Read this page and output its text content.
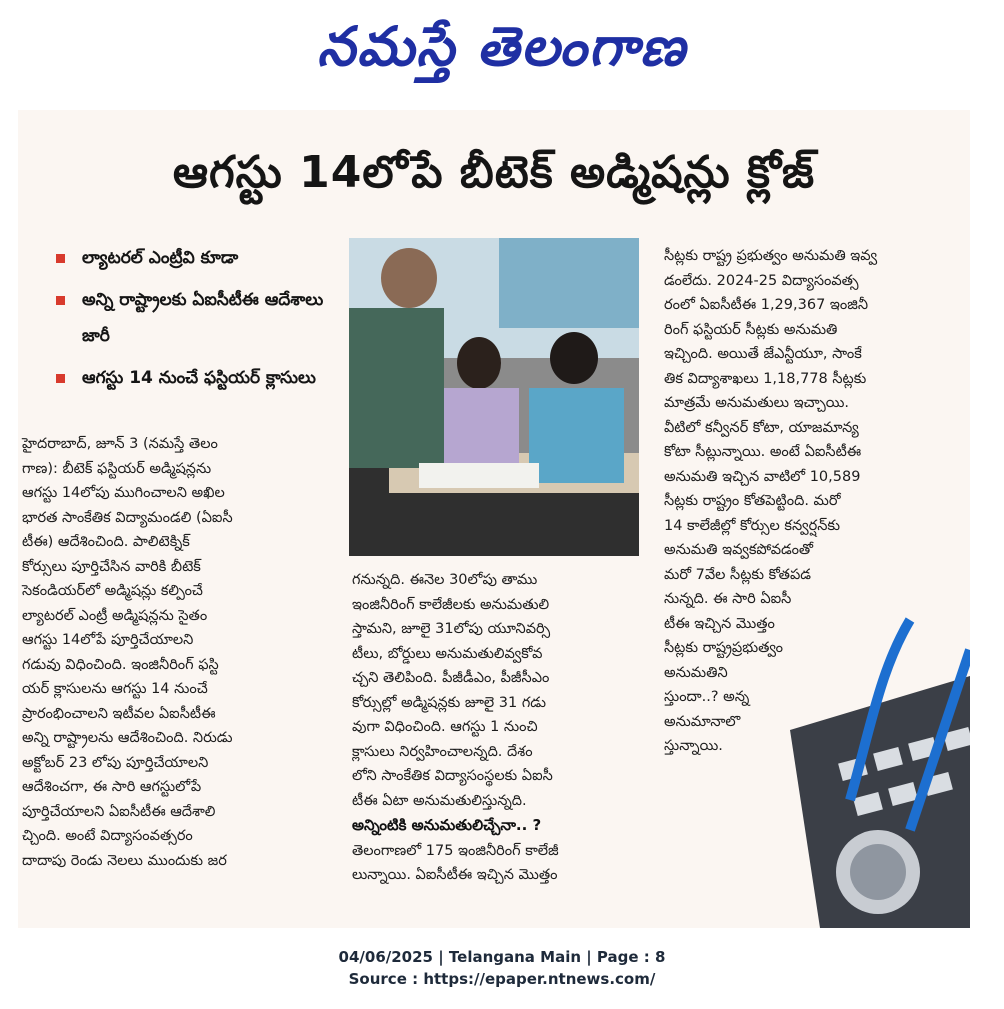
నమస్తే తెలంగాణ
ఆగస్టు 14లోపే బీటెక్ అడ్మిషన్లు క్లోజ్
ల్యాటరల్ ఎంట్రీవి కూడా
అన్ని రాష్ట్రాలకు ఏఐసీటీఈ ఆదేశాలు జారీ
ఆగస్టు 14 నుంచే ఫస్టియర్ క్లాసులు
హైదరాబాద్, జూన్ 3 (నమస్తే తెలం
గాణ): బీటెక్ ఫస్టియర్ అడ్మిషన్లను
ఆగస్టు 14లోపు ముగించాలని అఖిల
భారత సాంకేతిక విద్యామండలి (ఏఐసీ
టీఈ) ఆదేశించింది. పాలిటెక్నిక్
కోర్సులు పూర్తిచేసిన వారికి బీటెక్
సెకండియర్‌లో అడ్మిషన్లు కల్పించే
ల్యాటరల్ ఎంట్రీ అడ్మిషన్లను సైతం
ఆగస్టు 14లోపే పూర్తిచేయాలని
గడువు విధించింది. ఇంజినీరింగ్ ఫస్టి
యర్ క్లాసులను ఆగస్టు 14 నుంచే
ప్రారంభించాలని ఇటీవల ఏఐసీటీఈ
అన్ని రాష్ట్రాలను ఆదేశించింది. నిరుడు
అక్టోబర్ 23 లోపు పూర్తిచేయాలని
ఆదేశించగా, ఈ సారి ఆగస్టులోపే
పూర్తిచేయాలని ఏఐసీటీఈ ఆదేశాలి
చ్చింది. అంటే విద్యాసంవత్సరం
దాదాపు రెండు నెలలు ముందుకు జర
గనున్నది. ఈనెల 30లోపు తాము
ఇంజినీరింగ్ కాలేజీలకు అనుమతులి
స్తామని, జూలై 31లోపు యూనివర్సి
టీలు, బోర్డులు అనుమతులివ్వకోవ
చ్చని తెలిపింది. పీజీడీఎం, పీజీసీఎం
కోర్సుల్లో అడ్మిషన్లకు జూలై 31 గడు
వుగా విధించింది. ఆగస్టు 1 నుంచి
క్లాసులు నిర్వహించాలన్నది. దేశం
లోని సాంకేతిక విద్యాసంస్థలకు ఏఐసీ
టీఈ ఏటా అనుమతులిస్తున్నది.
అన్నింటికి అనుమతులిచ్చేనా.. ?
తెలంగాణలో 175 ఇంజినీరింగ్ కాలేజీ
లున్నాయి. ఏఐసీటీఈ ఇచ్చిన మొత్తం
సీట్లకు రాష్ట్ర ప్రభుత్వం అనుమతి ఇవ్వ
డంలేదు. 2024-25 విద్యాసంవత్స
రంలో ఏఐసీటీఈ 1,29,367 ఇంజినీ
రింగ్ ఫస్టియర్ సీట్లకు అనుమతి
ఇచ్చింది. అయితే జేఎన్టీయూ, సాంకే
తిక విద్యాశాఖలు 1,18,778 సీట్లకు
మాత్రమే అనుమతులు ఇచ్చాయి.
వీటిలో కన్వీనర్ కోటా, యాజమాన్య
కోటా సీట్లున్నాయి. అంటే ఏఐసీటీఈ
అనుమతి ఇచ్చిన వాటిలో 10,589
సీట్లకు రాష్ట్రం కోతపెట్టింది. మరో
14 కాలేజీల్లో కోర్సుల కన్వర్షన్‌కు
అనుమతి ఇవ్వకపోవడంతో
మరో 7వేల సీట్లకు కోతపడ
నున్నది. ఈ సారి ఏఐసీ
టీఈ ఇచ్చిన మొత్తం
సీట్లకు రాష్ట్రప్రభుత్వం
అనుమతిని
స్తుందా..? అన్న
అనుమానాలొ
స్తున్నాయి.
04/06/2025 | Telangana Main | Page : 8
Source : https://epaper.ntnews.com/
